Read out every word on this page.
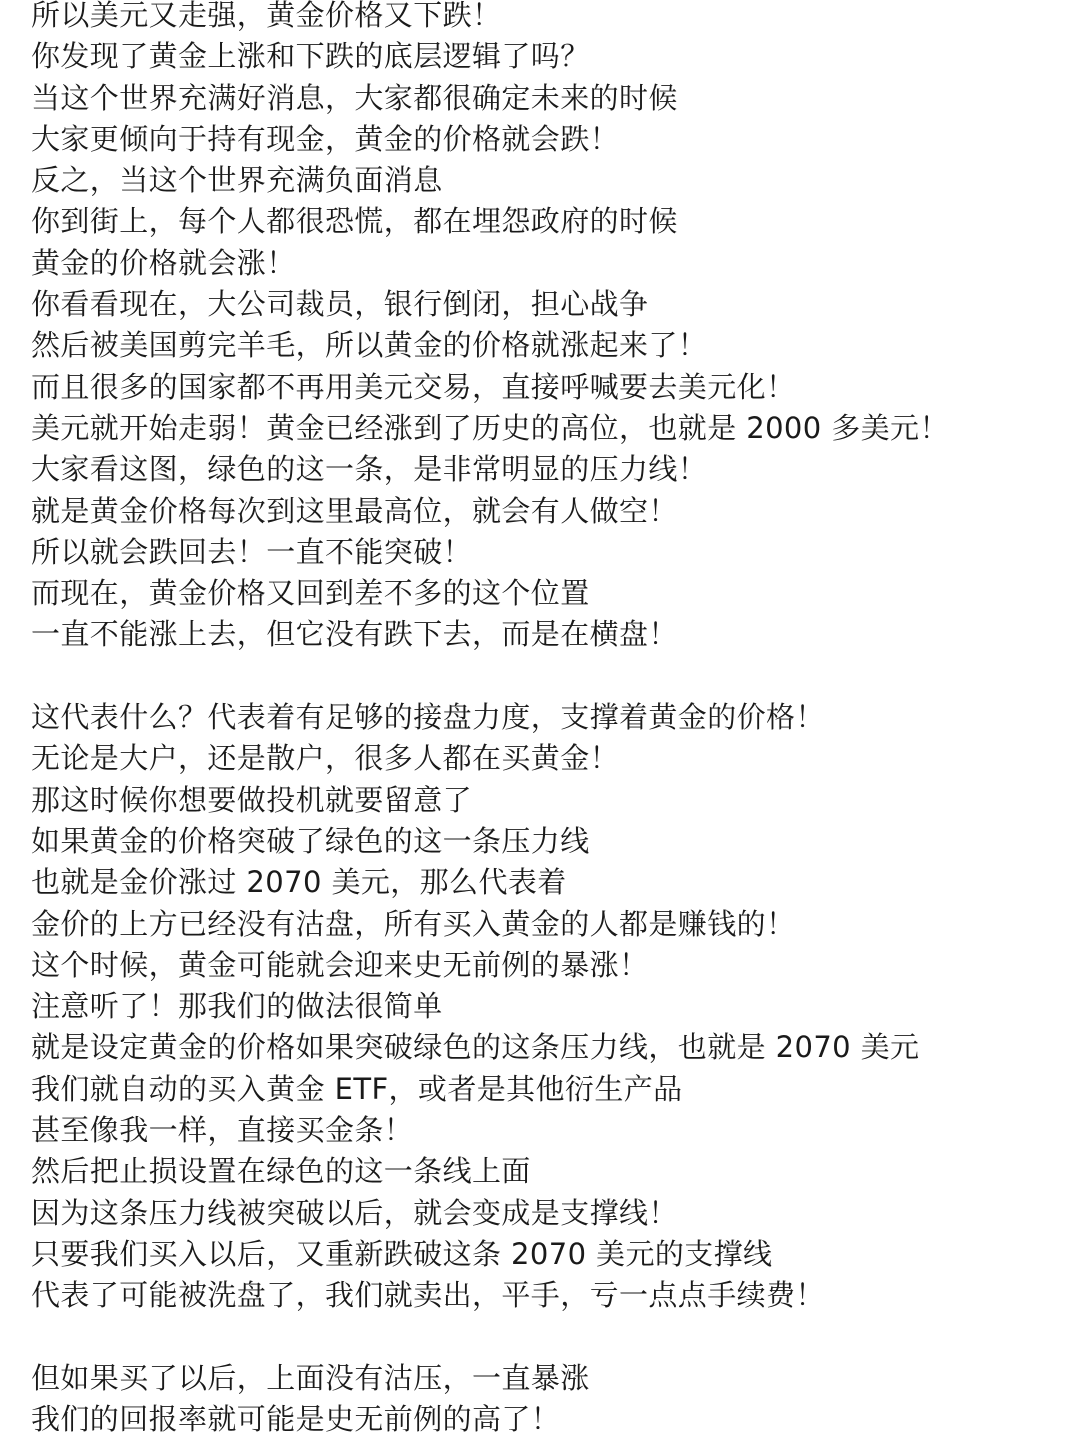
所以美元又走强，黄金价格又下跌！
你发现了黄金上涨和下跌的底层逻辑了吗？
当这个世界充满好消息，大家都很确定未来的时候
大家更倾向于持有现金，黄金的价格就会跌！
反之，当这个世界充满负面消息
你到街上，每个人都很恐慌，都在埋怨政府的时候
黄金的价格就会涨！
你看看现在，大公司裁员，银行倒闭，担心战争
然后被美国剪完羊毛，所以黄金的价格就涨起来了！
而且很多的国家都不再用美元交易，直接呼喊要去美元化！
美元就开始走弱！黄金已经涨到了历史的高位，也就是 2000 多美元！
大家看这图，绿色的这一条，是非常明显的压力线！
就是黄金价格每次到这里最高位，就会有人做空！
所以就会跌回去！一直不能突破！
而现在，黄金价格又回到差不多的这个位置
一直不能涨上去，但它没有跌下去，而是在横盘！
这代表什么？代表着有足够的接盘力度，支撑着黄金的价格！
无论是大户，还是散户，很多人都在买黄金！
那这时候你想要做投机就要留意了
如果黄金的价格突破了绿色的这一条压力线
也就是金价涨过 2070 美元，那么代表着
金价的上方已经没有沽盘，所有买入黄金的人都是赚钱的！
这个时候，黄金可能就会迎来史无前例的暴涨！
注意听了！那我们的做法很简单
就是设定黄金的价格如果突破绿色的这条压力线，也就是 2070 美元
我们就自动的买入黄金 ETF，或者是其他衍生产品
甚至像我一样，直接买金条！
然后把止损设置在绿色的这一条线上面
因为这条压力线被突破以后，就会变成是支撑线！
只要我们买入以后，又重新跌破这条 2070 美元的支撑线
代表了可能被洗盘了，我们就卖出，平手，亏一点点手续费！
但如果买了以后，上面没有沽压，一直暴涨
我们的回报率就可能是史无前例的高了！
